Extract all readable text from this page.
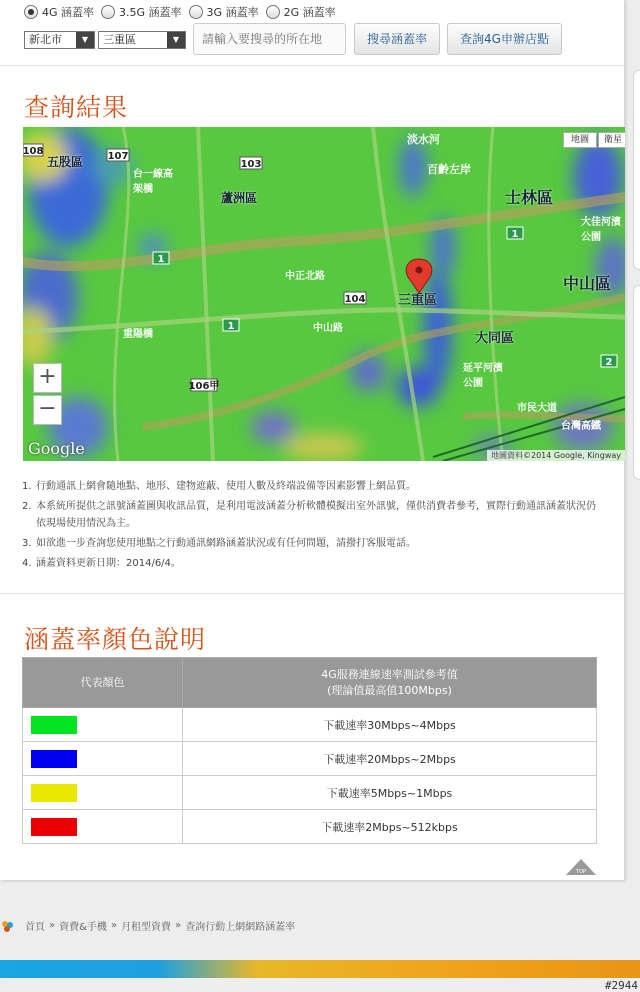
4G 涵蓋率 3.5G 涵蓋率 3G 涵蓋率 2G 涵蓋率
新北市	▼	三重區	▼
請輸入要搜尋的所在地	搜尋涵蓋率	查詢4G申辦店點
查詢結果
五股區
蘆洲區	士林區
中山區
大同區
三重區
中正北路
淡水河
百齡左岸
大佳河濱公園
延平河濱公園
市民大道
台灣高鐵
中山路
重陽橋
台一線高架橋
107
103
108
1
104
106甲
2
1
1
地圖	衛星
+
−
Google	地圖資料©2014 Google, Kingway
1. 行動通訊上網會隨地點、地形、建物遮蔽、使用人數及終端設備等因素影響上網品質。
2. 本系統所提供之訊號涵蓋圖與收訊品質，是利用電波涵蓋分析軟體模擬出室外訊號，僅供消費者參考，實際行動通訊涵蓋狀況仍依現場使用情況為主。
3. 如欲進一步查詢您使用地點之行動通訊網路涵蓋狀況或有任何問題，請撥打客服電話。
4. 涵蓋資料更新日期：2014/6/4。
涵蓋率顏色說明
代表顏色	4G服務連線速率測試參考值
(理論值最高值100Mbps)
	下載速率30Mbps~4Mbps
	下載速率20Mbps~2Mbps
	下載速率5Mbps~1Mbps
	下載速率2Mbps~512kbps
TOP
首頁 » 資費&手機 » 月租型資費 » 查詢行動上網網路涵蓋率
#2944
